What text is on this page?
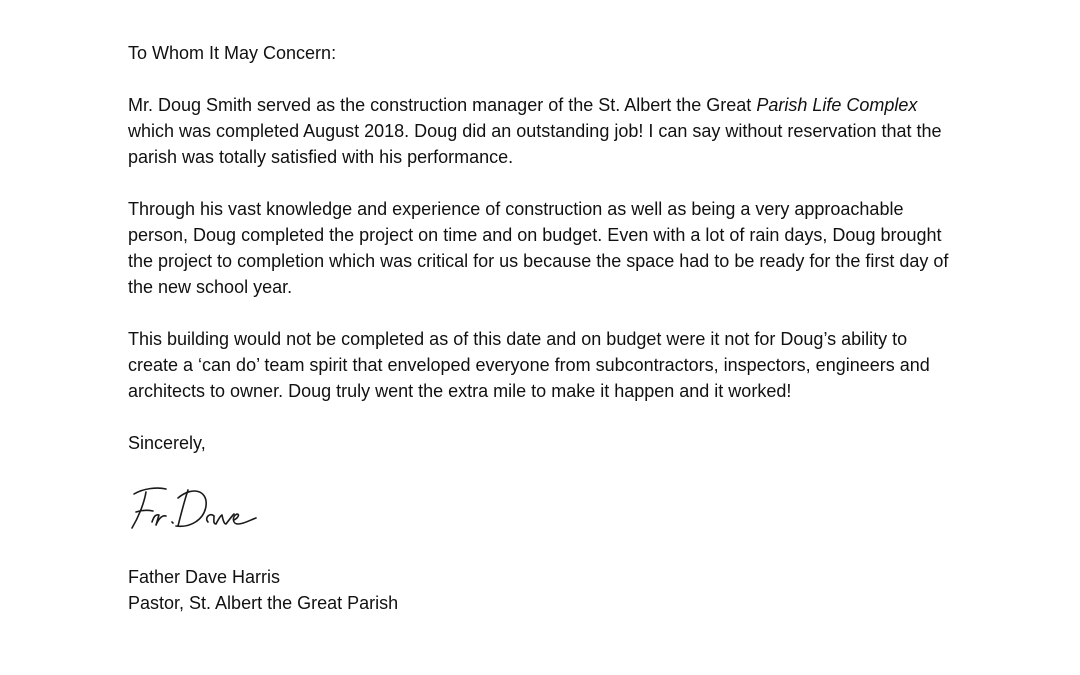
To Whom It May Concern:

Mr. Doug Smith served as the construction manager of the St. Albert the Great Parish Life Complex which was completed August 2018. Doug did an outstanding job! I can say without reservation that the parish was totally satisfied with his performance.

Through his vast knowledge and experience of construction as well as being a very approachable person, Doug completed the project on time and on budget. Even with a lot of rain days, Doug brought the project to completion which was critical for us because the space had to be ready for the first day of the new school year.

This building would not be completed as of this date and on budget were it not for Doug’s ability to create a ‘can do’ team spirit that enveloped everyone from subcontractors, inspectors, engineers and architects to owner. Doug truly went the extra mile to make it happen and it worked!

Sincerely,

Father Dave Harris
Pastor, St. Albert the Great Parish
